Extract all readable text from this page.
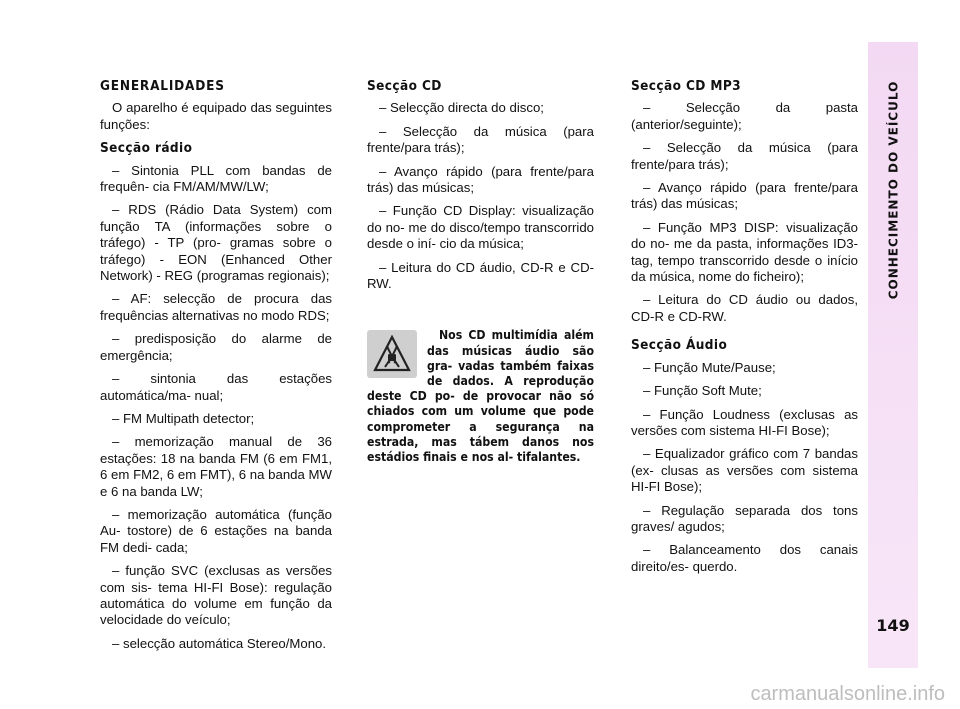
GENERALIDADES

O aparelho é equipado das seguintes funções:

Secção rádio

– Sintonia PLL com bandas de frequên- cia FM/AM/MW/LW;

– RDS (Rádio Data System) com função TA (informações sobre o tráfego) - TP (pro- gramas sobre o tráfego) - EON (Enhanced Other Network) - REG (programas regionais);

– AF: selecção de procura das frequências alternativas no modo RDS;

– predisposição do alarme de emergência;

– sintonia das estações automática/ma- nual;

– FM Multipath detector;

– memorização manual de 36 estações: 18 na banda FM (6 em FM1, 6 em FM2, 6 em FMT), 6 na banda MW e 6 na banda LW;

– memorização automática (função Au- tostore) de 6 estações na banda FM dedi- cada;

– função SVC (exclusas as versões com sis- tema HI-FI Bose): regulação automática do volume em função da velocidade do veículo;

– selecção automática Stereo/Mono.

Secção CD

– Selecção directa do disco;

– Selecção da música (para frente/para trás);

– Avanço rápido (para frente/para trás) das músicas;

– Função CD Display: visualização do no- me do disco/tempo transcorrido desde o iní- cio da música;

– Leitura do CD áudio, CD-R e CD-RW.

Nos CD multimídia além das músicas áudio são gra- vadas também faixas de dados. A reprodução deste CD po- de provocar não só chiados com um volume que pode comprometer a segurança na estrada, mas tábem danos nos estádios finais e nos al- tifalantes.

Secção CD MP3

– Selecção da pasta (anterior/seguinte);

– Selecção da música (para frente/para trás);

– Avanço rápido (para frente/para trás) das músicas;

– Função MP3 DISP: visualização do no- me da pasta, informações ID3-tag, tempo transcorrido desde o início da música, nome do ficheiro);

– Leitura do CD áudio ou dados, CD-R e CD-RW.

Secção Áudio

– Função Mute/Pause;

– Função Soft Mute;

– Função Loudness (exclusas as versões com sistema HI-FI Bose);

– Equalizador gráfico com 7 bandas (ex- clusas as versões com sistema HI-FI Bose);

– Regulação separada dos tons graves/ agudos;

– Balanceamento dos canais direito/es- querdo.

CONHECIMENTO DO VEÍCULO
149
carmanualsonline.info
